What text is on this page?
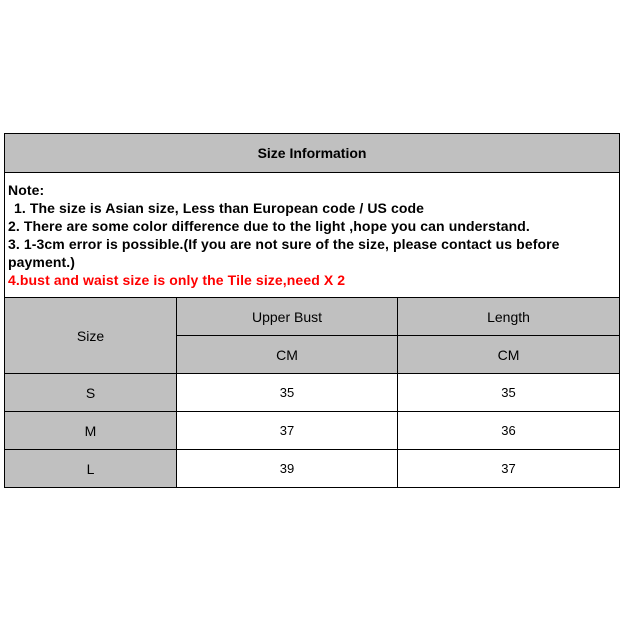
Size Information		

Note:
1. The size is Asian size, Less than European code / US code
2. There are some color difference due to the light ,hope you can understand.
3. 1-3cm error is possible.(If you are not sure of the size, please contact us before payment.)
4.bust and waist size is only the Tile size,need X 2		

Size	Upper Bust	Length
	CM	CM
S	35	35
M	37	36
L	39	37
